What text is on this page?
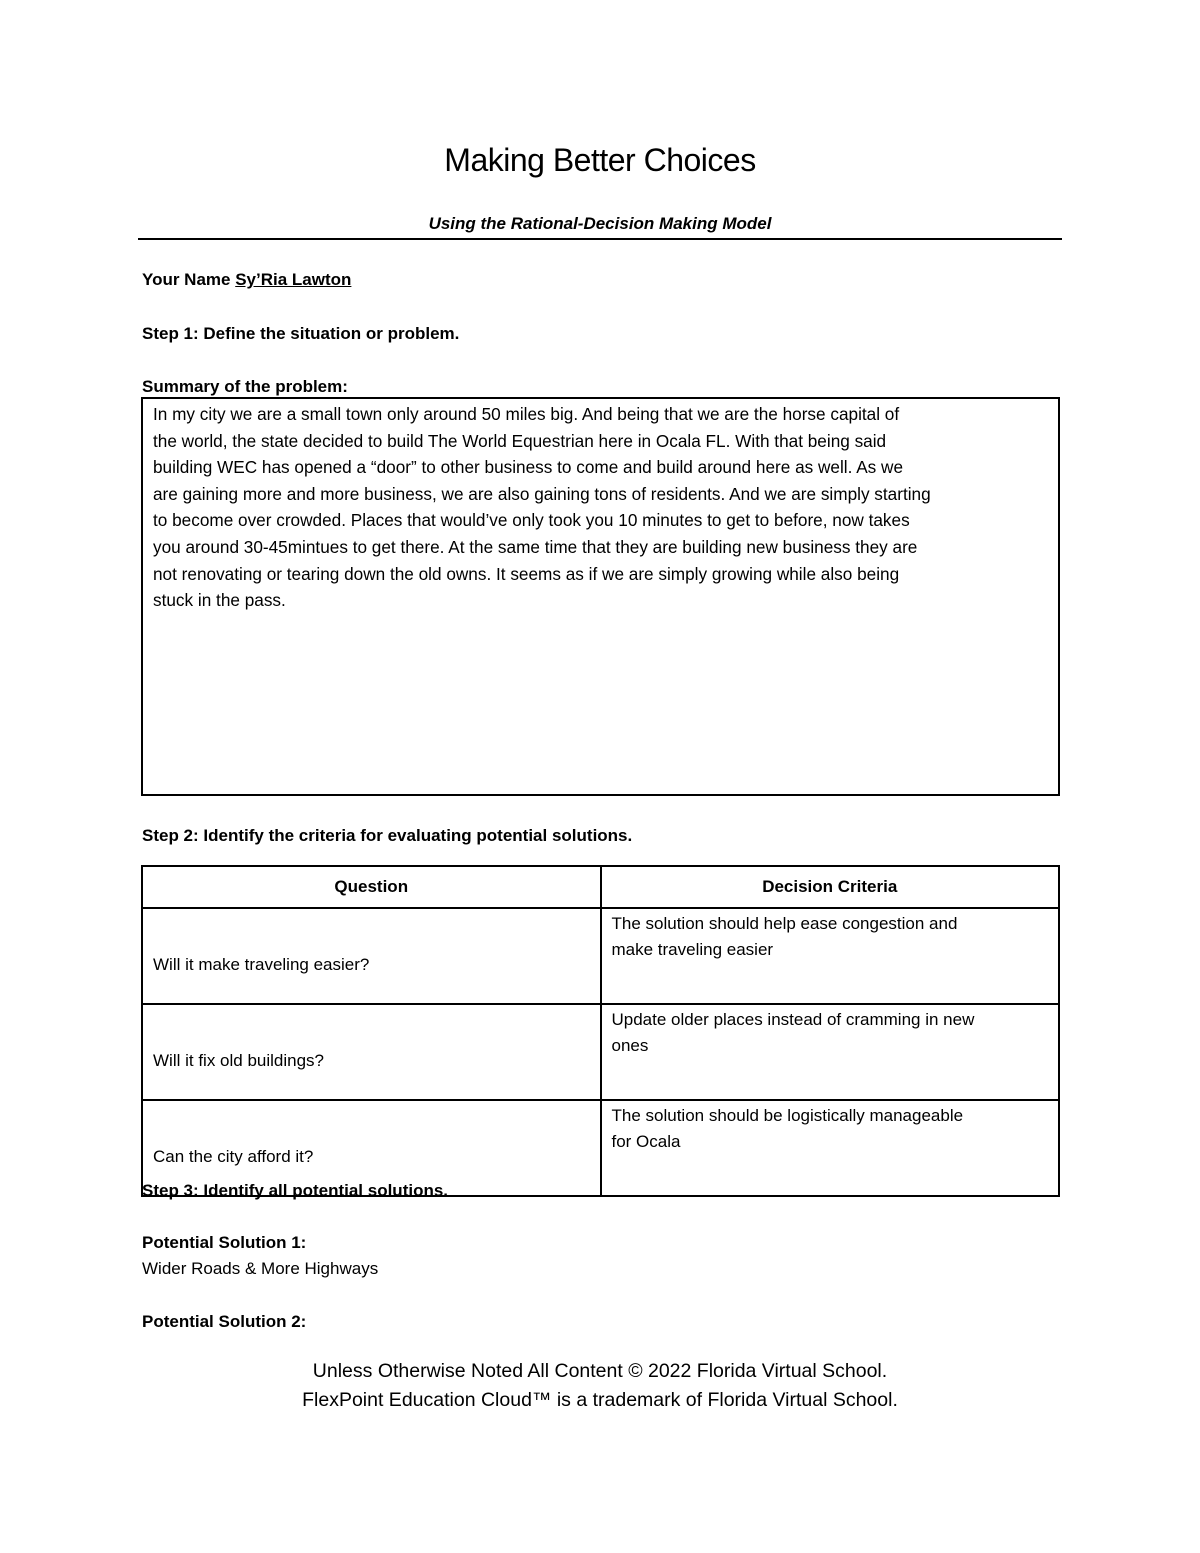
Making Better Choices
Using the Rational-Decision Making Model
Your Name Sy’Ria Lawton
Step 1: Define the situation or problem.
Summary of the problem:
In my city we are a small town only around 50 miles big. And being that we are the horse capital of
the world, the state decided to build The World Equestrian here in Ocala FL. With that being said
building WEC has opened a “door” to other business to come and build around here as well. As we
are gaining more and more business, we are also gaining tons of residents. And we are simply starting
to become over crowded. Places that would’ve only took you 10 minutes to get to before, now takes
you around 30-45mintues to get there. At the same time that they are building new business they are
not renovating or tearing down the old owns. It seems as if we are simply growing while also being
stuck in the pass.
Step 2: Identify the criteria for evaluating potential solutions.
Question	Decision Criteria
Will it make traveling easier?	The solution should help ease congestion and
make traveling easier
Will it fix old buildings?	Update older places instead of cramming in new
ones
Can the city afford it?	The solution should be logistically manageable
for Ocala
Step 3: Identify all potential solutions.
Potential Solution 1:
Wider Roads & More Highways
Potential Solution 2:
Unless Otherwise Noted All Content © 2022 Florida Virtual School.
FlexPoint Education Cloud™ is a trademark of Florida Virtual School.
